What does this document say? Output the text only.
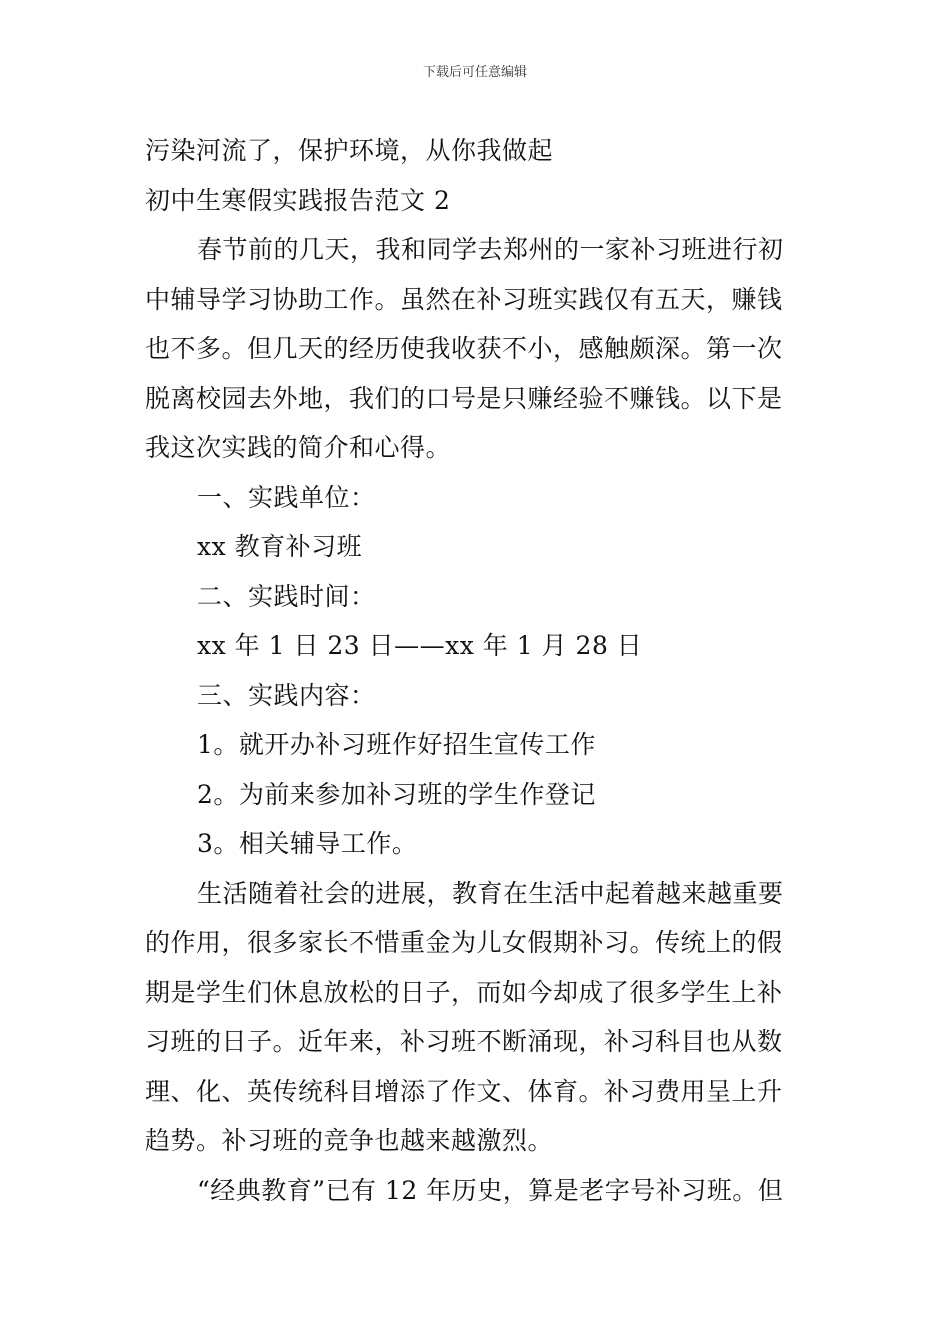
下载后可任意编辑
污染河流了，保护环境，从你我做起
初中生寒假实践报告范文 2
春节前的几天，我和同学去郑州的一家补习班进行初
中辅导学习协助工作。虽然在补习班实践仅有五天，赚钱
也不多。但几天的经历使我收获不小，感触颇深。第一次
脱离校园去外地，我们的口号是只赚经验不赚钱。以下是
我这次实践的简介和心得。
一、实践单位：
xx 教育补习班
二、实践时间：
xx 年 1 日 23 日——xx 年 1 月 28 日
三、实践内容：
1。就开办补习班作好招生宣传工作
2。为前来参加补习班的学生作登记
3。相关辅导工作。
生活随着社会的进展，教育在生活中起着越来越重要
的作用，很多家长不惜重金为儿女假期补习。传统上的假
期是学生们休息放松的日子，而如今却成了很多学生上补
习班的日子。近年来，补习班不断涌现，补习科目也从数
理、化、英传统科目增添了作文、体育。补习费用呈上升
趋势。补习班的竞争也越来越激烈。
“经典教育”已有 12 年历史，算是老字号补习班。但
